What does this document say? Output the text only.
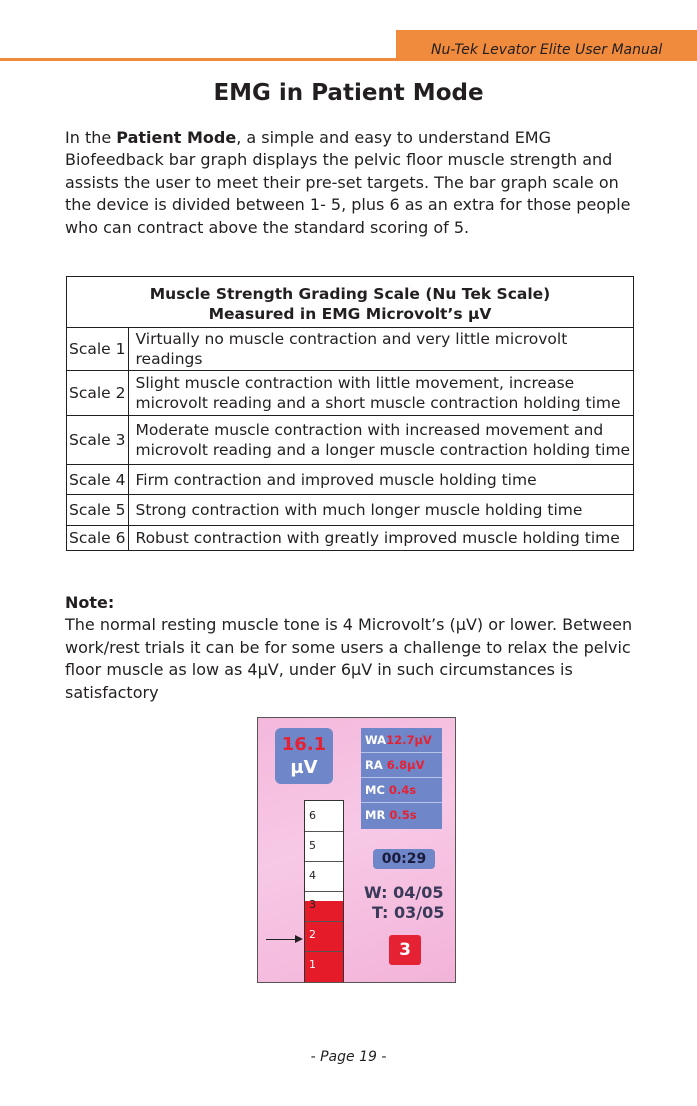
Nu-Tek Levator Elite User Manual
EMG in Patient Mode

In the Patient Mode, a simple and easy to understand EMG Biofeedback bar graph displays the pelvic floor muscle strength and assists the user to meet their pre-set targets. The bar graph scale on the device is divided between 1- 5, plus 6 as an extra for those people who can contract above the standard scoring of 5.

Muscle Strength Grading Scale (Nu Tek Scale)
Measured in EMG Microvolt’s µV	
Scale 1	Virtually no muscle contraction and very little microvolt readings
Scale 2	Slight muscle contraction with little movement, increase microvolt reading and a short muscle contraction holding time
Scale 3	Moderate muscle contraction with increased movement and microvolt reading and a longer muscle contraction holding time
Scale 4	Firm contraction and improved muscle holding time
Scale 5	Strong contraction with much longer muscle holding time
Scale 6	Robust contraction with greatly improved muscle holding time
Note:

The normal resting muscle tone is 4 Microvolt’s (µV) or lower. Between work/rest trials it can be for some users a challenge to relax the pelvic floor muscle as low as 4µV, under 6µV in such circumstances is satisfactory

16.1
µV
WA12.7µV
RA 6.8µV
MC 0.4s
MR 0.5s
6
5
4
3
2
1
00:29
W: 04/05
T: 03/05
3
- Page 19 -
